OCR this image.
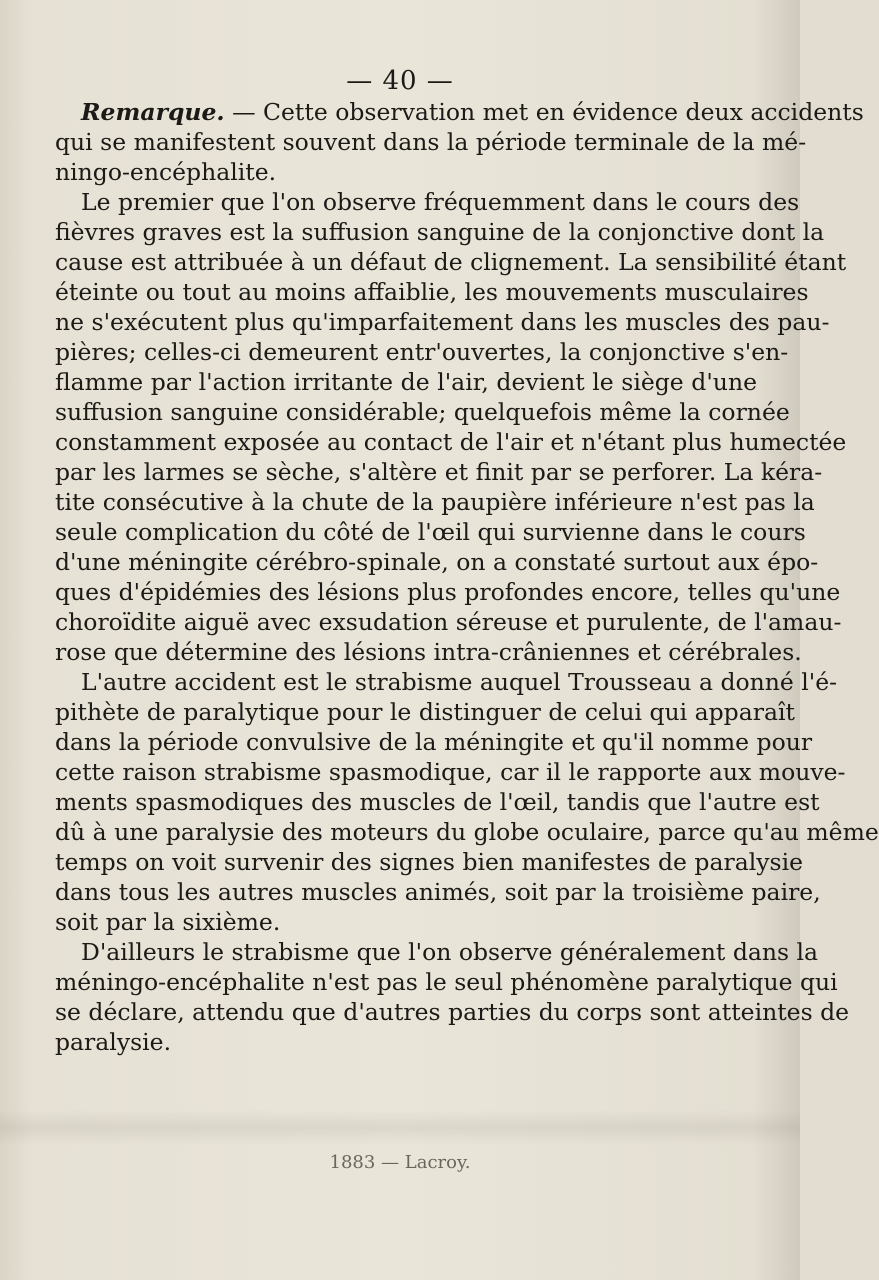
— 40 —
Remarque. — Cette observation met en évidence deux accidents
qui se manifestent souvent dans la période terminale de la mé-
ningo-encéphalite.
Le premier que l'on observe fréquemment dans le cours des
fièvres graves est la suffusion sanguine de la conjonctive dont la
cause est attribuée à un défaut de clignement. La sensibilité étant
éteinte ou tout au moins affaiblie, les mouvements musculaires
ne s'exécutent plus qu'imparfaitement dans les muscles des pau-
pières; celles-ci demeurent entr'ouvertes, la conjonctive s'en-
flamme par l'action irritante de l'air, devient le siège d'une
suffusion sanguine considérable; quelquefois même la cornée
constamment exposée au contact de l'air et n'étant plus humectée
par les larmes se sèche, s'altère et finit par se perforer. La kéra-
tite consécutive à la chute de la paupière inférieure n'est pas la
seule complication du côté de l'œil qui survienne dans le cours
d'une méningite cérébro-spinale, on a constaté surtout aux épo-
ques d'épidémies des lésions plus profondes encore, telles qu'une
choroïdite aiguë avec exsudation séreuse et purulente, de l'amau-
rose que détermine des lésions intra-crâniennes et cérébrales.
L'autre accident est le strabisme auquel Trousseau a donné l'é-
pithète de paralytique pour le distinguer de celui qui apparaît
dans la période convulsive de la méningite et qu'il nomme pour
cette raison strabisme spasmodique, car il le rapporte aux mouve-
ments spasmodiques des muscles de l'œil, tandis que l'autre est
dû à une paralysie des moteurs du globe oculaire, parce qu'au même
temps on voit survenir des signes bien manifestes de paralysie
dans tous les autres muscles animés, soit par la troisième paire,
soit par la sixième.
D'ailleurs le strabisme que l'on observe généralement dans la
méningo-encéphalite n'est pas le seul phénomène paralytique qui
se déclare, attendu que d'autres parties du corps sont atteintes de
paralysie.
1883 — Lacroy.
